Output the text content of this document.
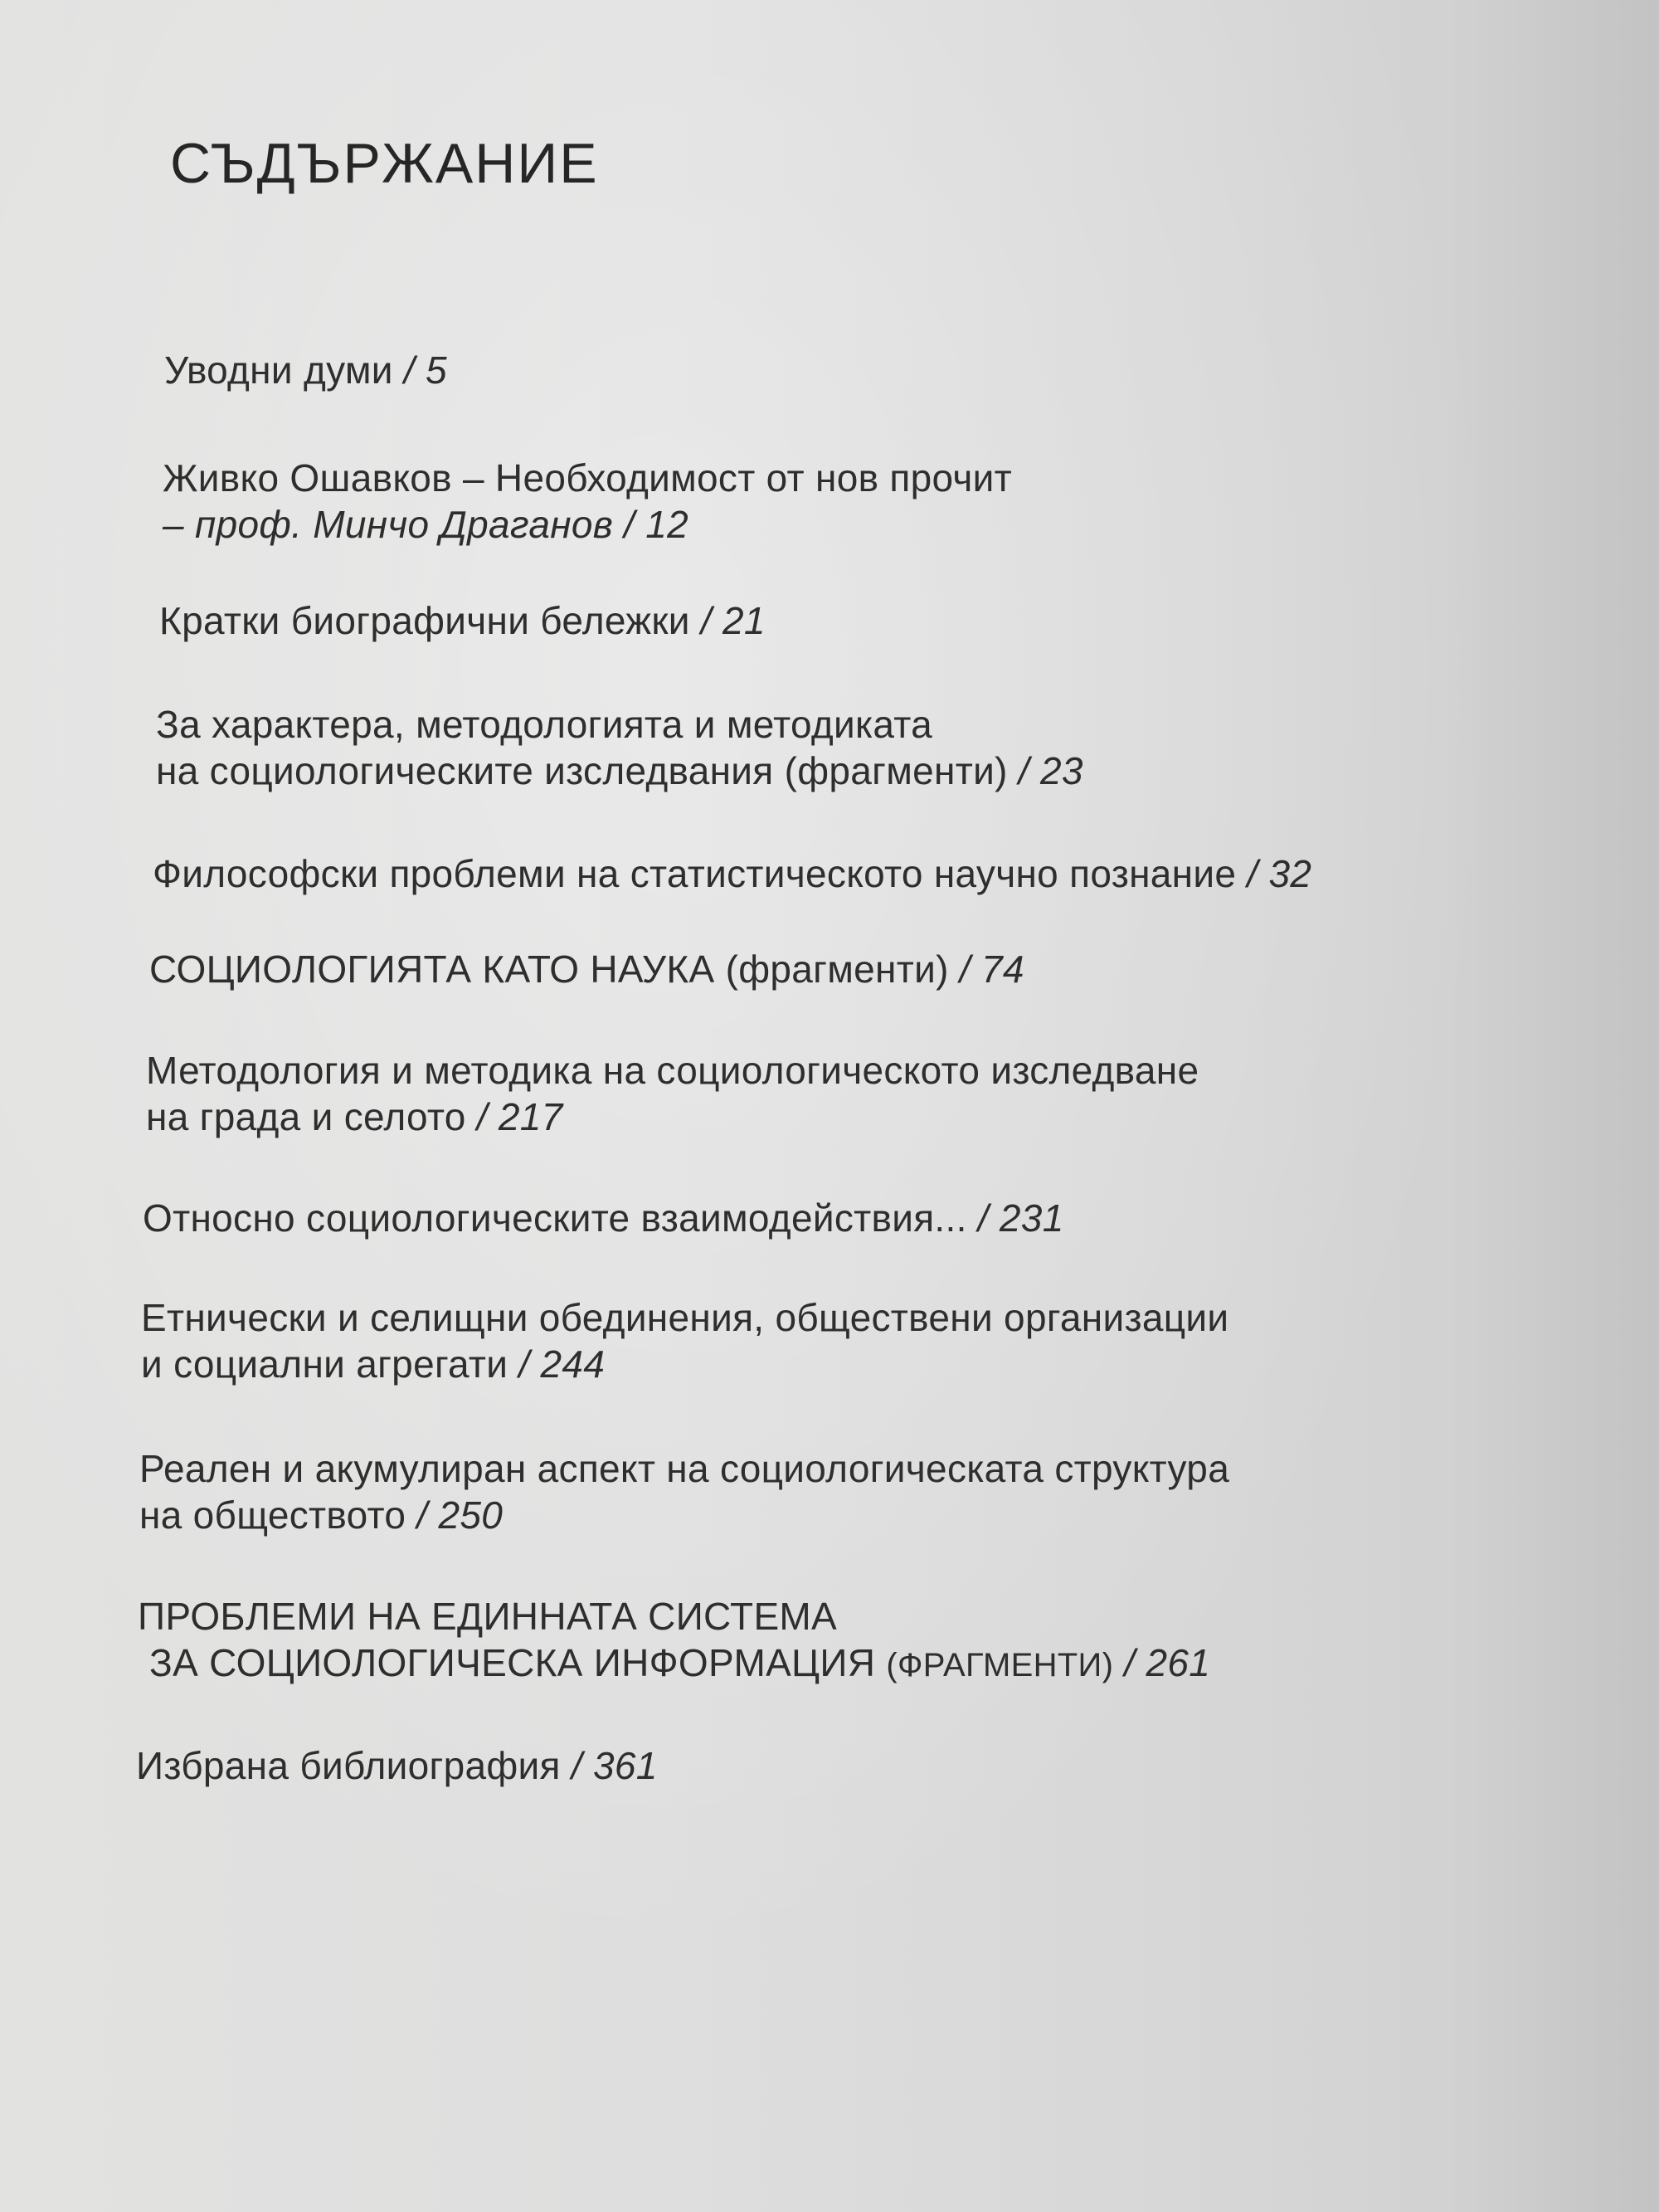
СЪДЪРЖАНИЕ

Уводни думи / 5

Живко Ошавков – Необходимост от нов прочит
– проф. Минчо Драганов / 12

Кратки биографични бележки / 21

За характера, методологията и методиката
на социологическите изследвания (фрагменти) / 23

Философски проблеми на статистическото научно познание / 32

СОЦИОЛОГИЯТА КАТО НАУКА (фрагменти) / 74

Методология и методика на социологическото изследване
на града и селото / 217

Относно социологическите взаимодействия... / 231

Етнически и селищни обединения, обществени организации
и социални агрегати / 244

Реален и акумулиран аспект на социологическата структура
на обществото / 250

ПРОБЛЕМИ НА ЕДИННАТА СИСТЕМА
ЗА СОЦИОЛОГИЧЕСКА ИНФОРМАЦИЯ (ФРАГМЕНТИ) / 261

Избрана библиография / 361
